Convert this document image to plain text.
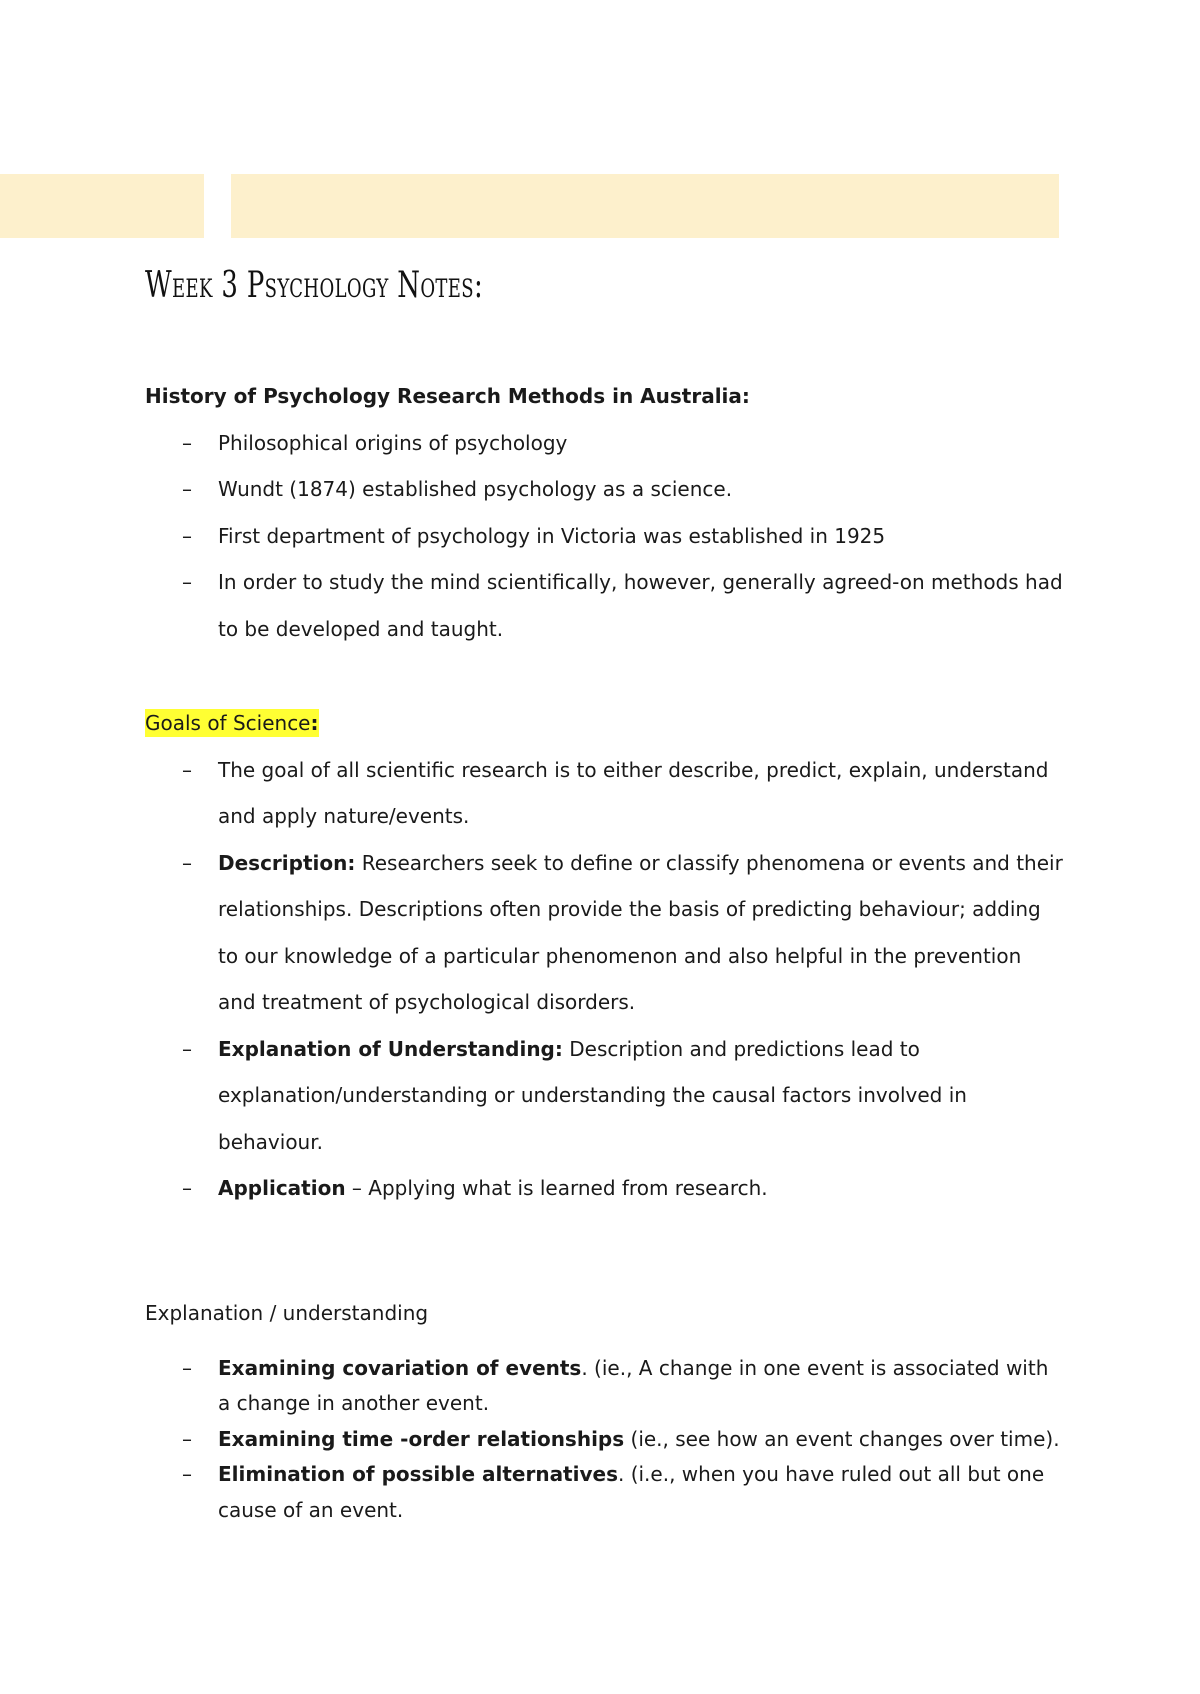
Week 3 Psychology Notes:
History of Psychology Research Methods in Australia:
– Philosophical origins of psychology
– Wundt (1874) established psychology as a science.
– First department of psychology in Victoria was established in 1925
– In order to study the mind scientifically, however, generally agreed-on methods had to be developed and taught.
Goals of Science:
– The goal of all scientific research is to either describe, predict, explain, understand and apply nature/events.
– Description: Researchers seek to define or classify phenomena or events and their relationships. Descriptions often provide the basis of predicting behaviour; adding to our knowledge of a particular phenomenon and also helpful in the prevention and treatment of psychological disorders.
– Explanation of Understanding: Description and predictions lead to explanation/understanding or understanding the causal factors involved in behaviour.
– Application – Applying what is learned from research.
Explanation / understanding
– Examining covariation of events. (ie., A change in one event is associated with a change in another event.
– Examining time -order relationships (ie., see how an event changes over time).
– Elimination of possible alternatives. (i.e., when you have ruled out all but one cause of an event.
